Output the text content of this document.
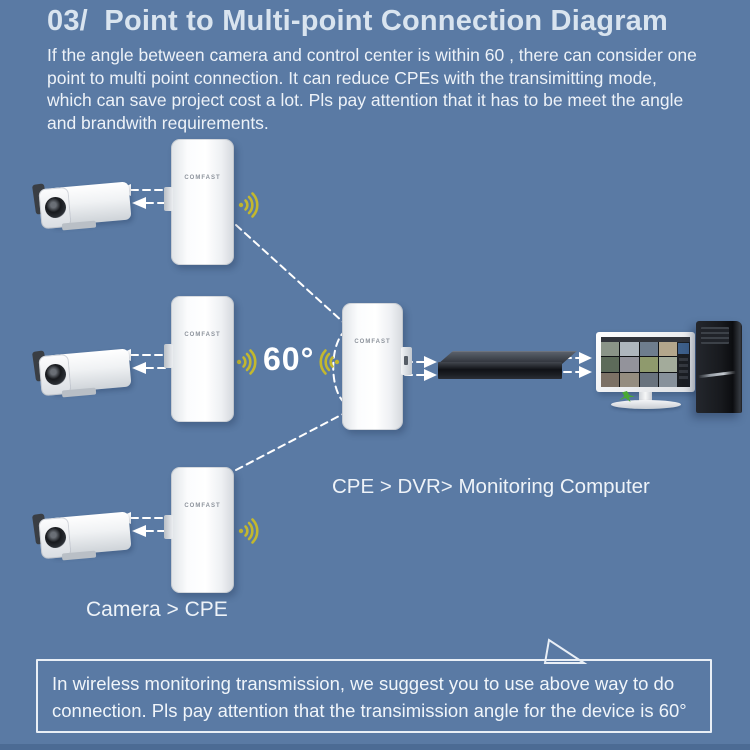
03/  Point to Multi-point Connection Diagram
If the angle between camera and control center is within 60 , there can consider one
point to multi point connection. It can reduce CPEs with the transimitting mode,
which can save project cost a lot. Pls pay attention that it has to be meet the angle
and brandwith requirements.
COMFAST
COMFAST
COMFAST
COMFAST
60°
CPE > DVR> Monitoring Computer
Camera > CPE
In wireless monitoring transmission, we suggest you to use above way to do
connection. Pls pay attention that the transimission angle for the device is 60°
